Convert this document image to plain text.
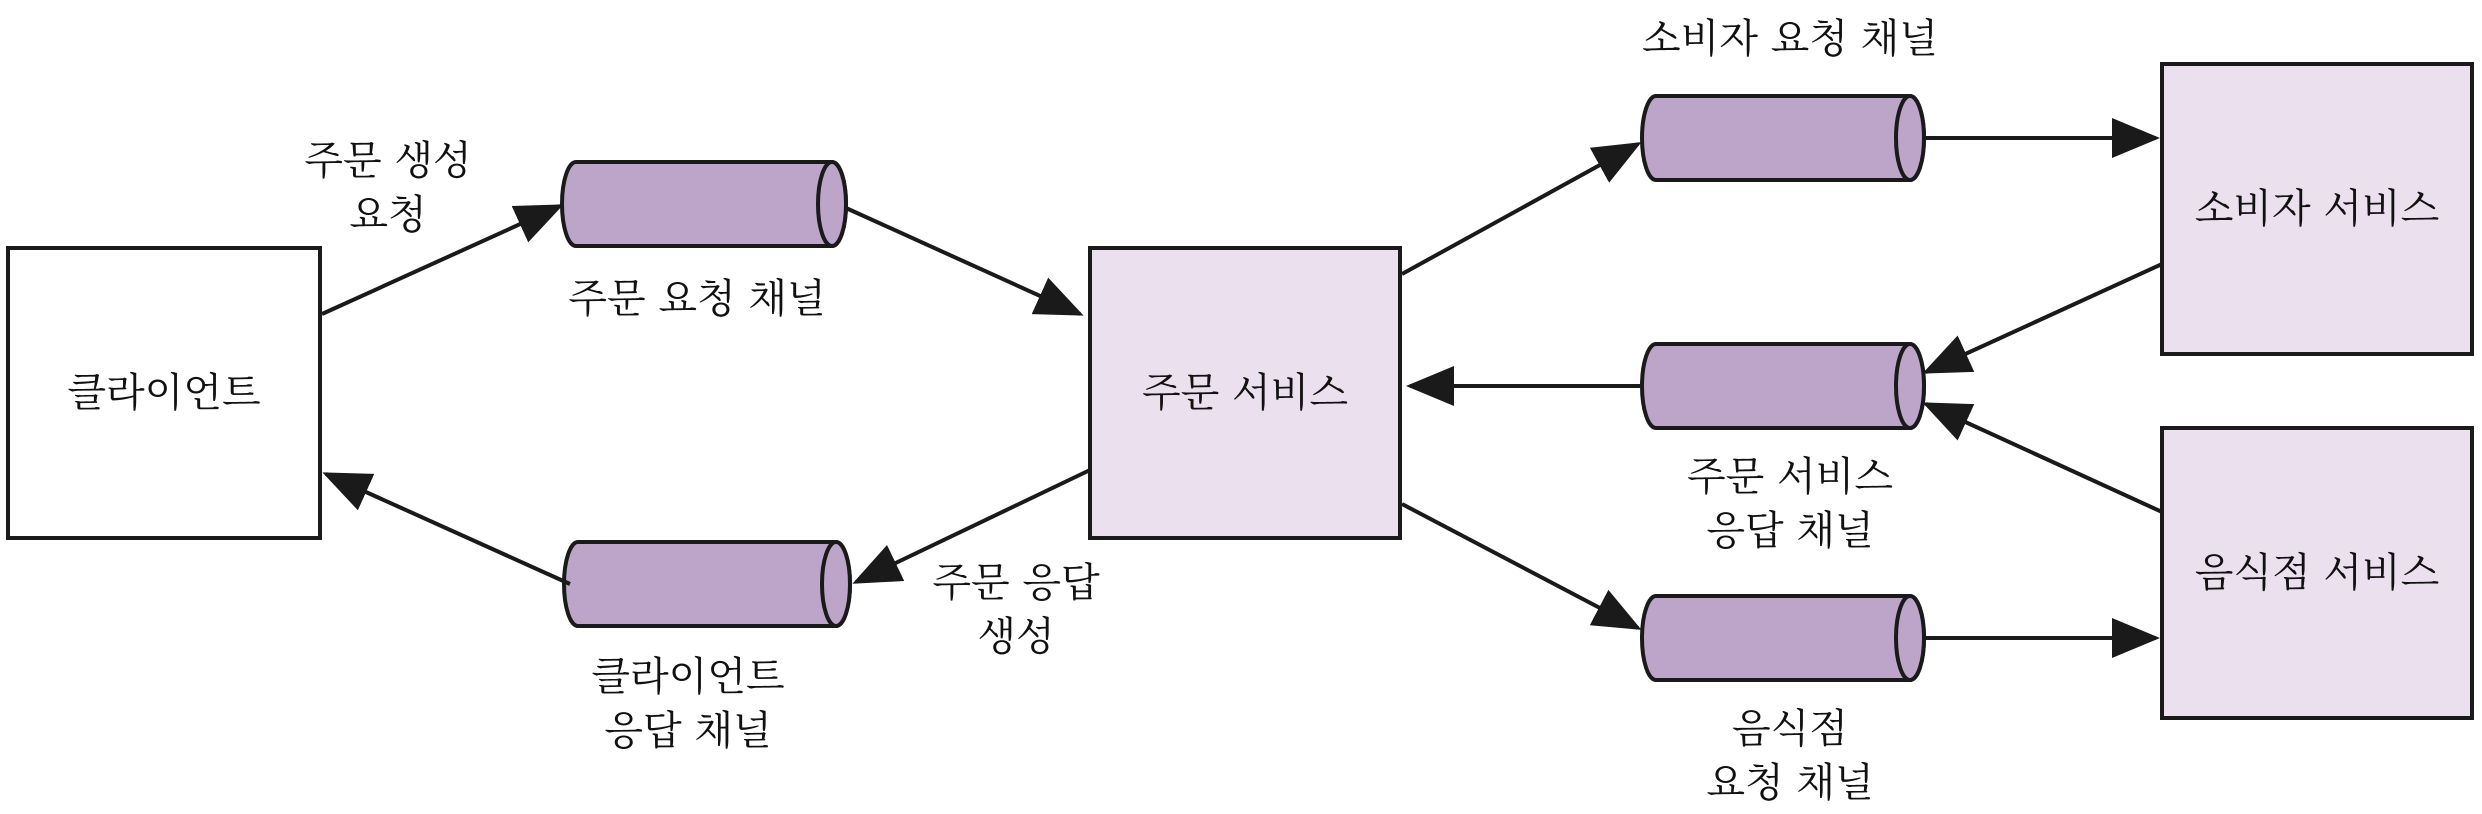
클라이언트	주문 서비스
소비자 서비스
음식점 서비스
주문 요청 채널
클라이언트
응답 채널
소비자 요청 채널
주문 서비스
응답 채널
음식점
요청 채널
주문 생성
요청
주문 응답
생성
